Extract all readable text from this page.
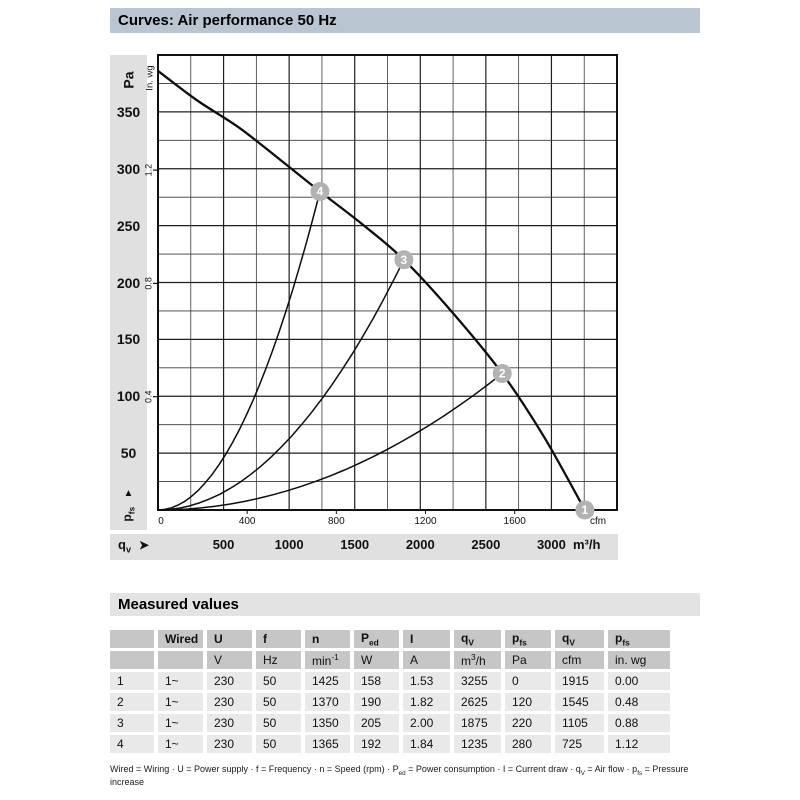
Curves: Air performance 50 Hz
Pa
▲
$p_{fs}$
$q_v$ ➤	m³/h
1.2
0.8
0.4
In. wg
0	400	800	1200	1600	cfm
1
2
3
4
Measured values
	Wired	U	f	n	$P_{ed}$	I	$q_V$	$p_{fs}$	$q_V$	$p_{fs}$
		V	Hz	$\min^{-1}$	W	A	$m^3/h$	Pa	cfm	in. wg
1	1~	230	50	1425	158	1.53	3255	0	1915	0.00
2	1~	230	50	1370	190	1.82	2625	120	1545	0.48
3	1~	230	50	1350	205	2.00	1875	220	1105	0.88
4	1~	230	50	1365	192	1.84	1235	280	725	1.12
Wired = Wiring · U = Power supply · f = Frequency · n = Speed $(rpm) \cdot P_{ed}$ = Power consumption · I = Current draw · $q_V$ = Air flow · $p_{fs}$ = Pressure increase
350
300
250
200
150
100
50
500	1000	1500	2000	2500	3000
